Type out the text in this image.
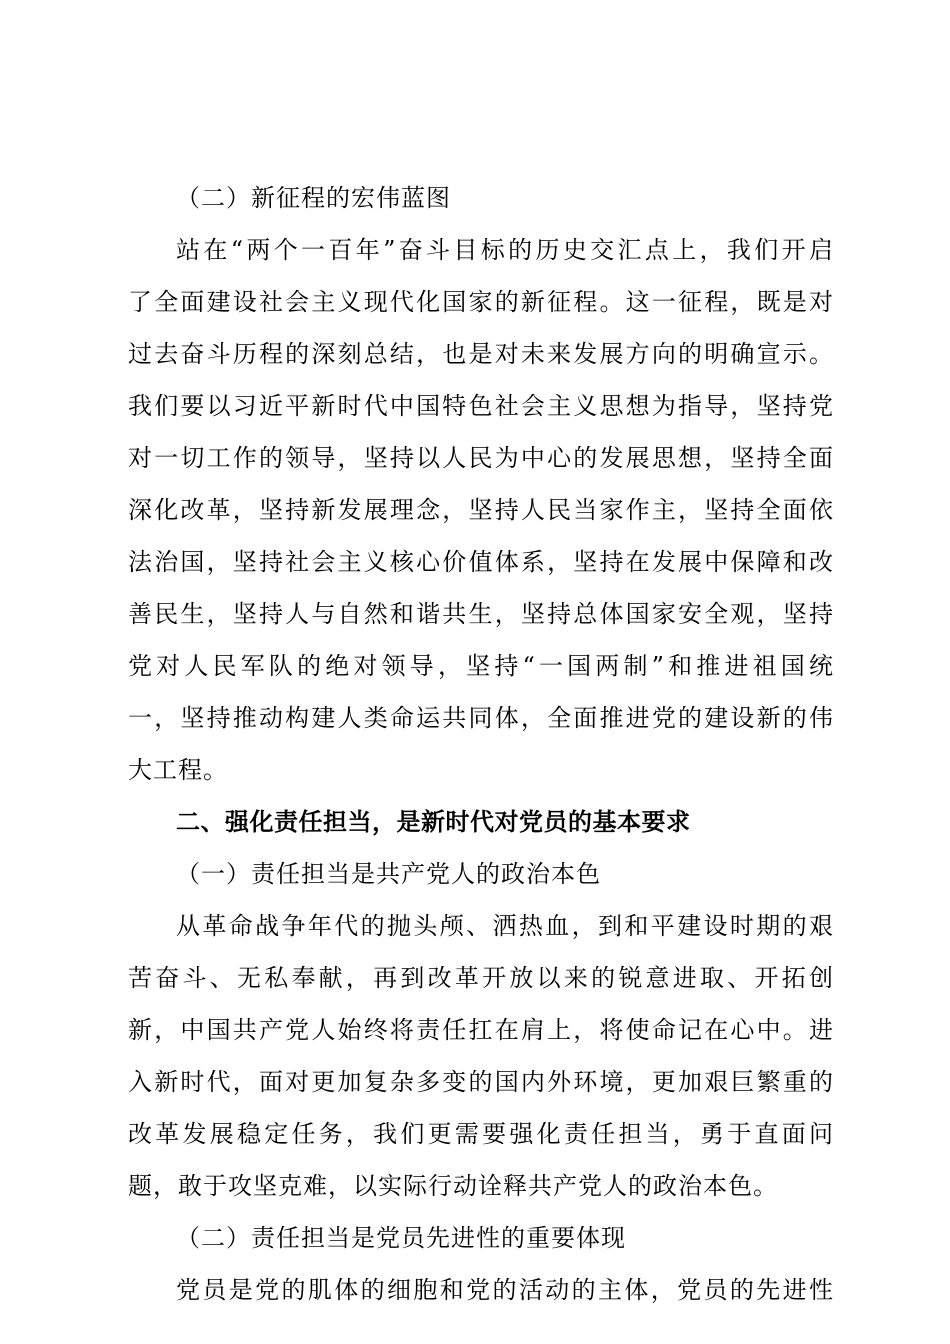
（二）新征程的宏伟蓝图
站在“两个一百年”奋斗目标的历史交汇点上，我们开启
了全面建设社会主义现代化国家的新征程。这一征程，既是对
过去奋斗历程的深刻总结，也是对未来发展方向的明确宣示。
我们要以习近平新时代中国特色社会主义思想为指导，坚持党
对一切工作的领导，坚持以人民为中心的发展思想，坚持全面
深化改革，坚持新发展理念，坚持人民当家作主，坚持全面依
法治国，坚持社会主义核心价值体系，坚持在发展中保障和改
善民生，坚持人与自然和谐共生，坚持总体国家安全观，坚持
党对人民军队的绝对领导，坚持“一国两制”和推进祖国统
一，坚持推动构建人类命运共同体，全面推进党的建设新的伟
大工程。
二、强化责任担当，是新时代对党员的基本要求
（一）责任担当是共产党人的政治本色
从革命战争年代的抛头颅、洒热血，到和平建设时期的艰
苦奋斗、无私奉献，再到改革开放以来的锐意进取、开拓创
新，中国共产党人始终将责任扛在肩上，将使命记在心中。进
入新时代，面对更加复杂多变的国内外环境，更加艰巨繁重的
改革发展稳定任务，我们更需要强化责任担当，勇于直面问
题，敢于攻坚克难，以实际行动诠释共产党人的政治本色。
（二）责任担当是党员先进性的重要体现
党员是党的肌体的细胞和党的活动的主体，党员的先进性
